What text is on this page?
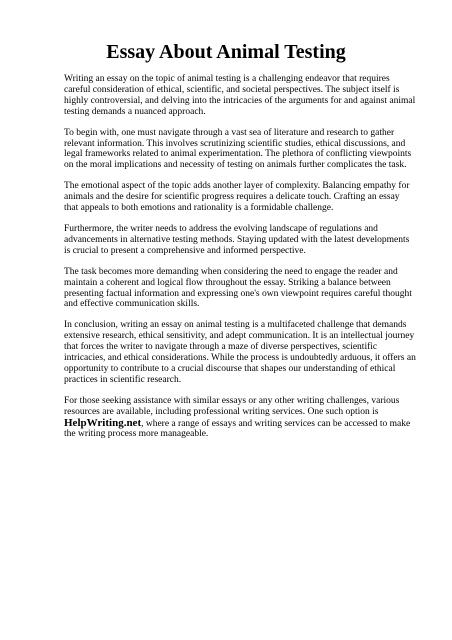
Essay About Animal Testing

Writing an essay on the topic of animal testing is a challenging endeavor that requires careful consideration of ethical, scientific, and societal perspectives. The subject itself is highly controversial, and delving into the intricacies of the arguments for and against animal testing demands a nuanced approach.

To begin with, one must navigate through a vast sea of literature and research to gather relevant information. This involves scrutinizing scientific studies, ethical discussions, and legal frameworks related to animal experimentation. The plethora of conflicting viewpoints on the moral implications and necessity of testing on animals further complicates the task.

The emotional aspect of the topic adds another layer of complexity. Balancing empathy for animals and the desire for scientific progress requires a delicate touch. Crafting an essay that appeals to both emotions and rationality is a formidable challenge.

Furthermore, the writer needs to address the evolving landscape of regulations and advancements in alternative testing methods. Staying updated with the latest developments is crucial to present a comprehensive and informed perspective.

The task becomes more demanding when considering the need to engage the reader and maintain a coherent and logical flow throughout the essay. Striking a balance between presenting factual information and expressing one's own viewpoint requires careful thought and effective communication skills.

In conclusion, writing an essay on animal testing is a multifaceted challenge that demands extensive research, ethical sensitivity, and adept communication. It is an intellectual journey that forces the writer to navigate through a maze of diverse perspectives, scientific intricacies, and ethical considerations. While the process is undoubtedly arduous, it offers an opportunity to contribute to a crucial discourse that shapes our understanding of ethical practices in scientific research.

For those seeking assistance with similar essays or any other writing challenges, various resources are available, including professional writing services. One such option is HelpWriting.net, where a range of essays and writing services can be accessed to make the writing process more manageable.
